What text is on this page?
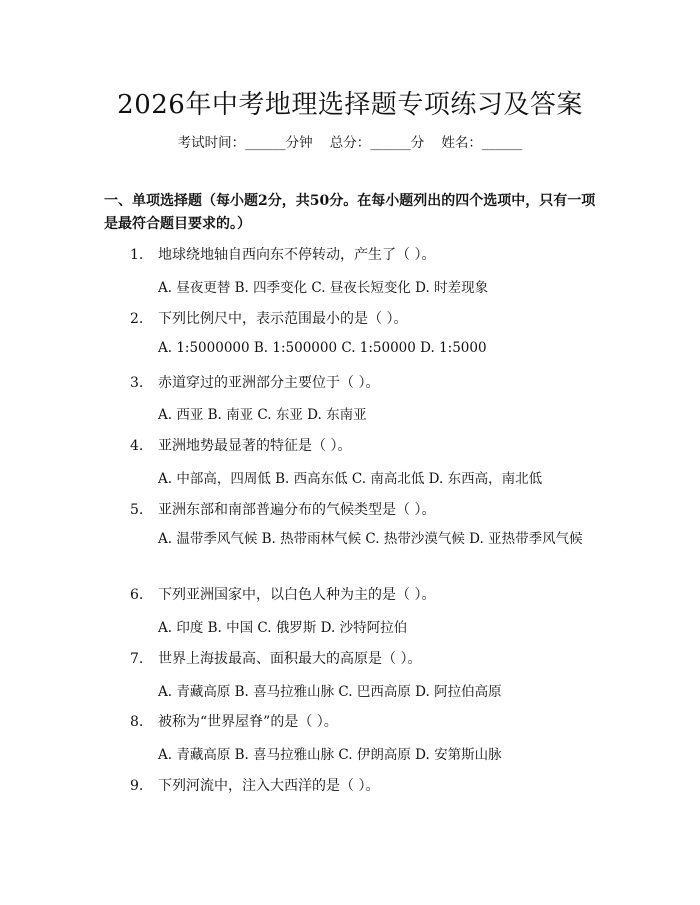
2026年中考地理选择题专项练习及答案
考试时间：______分钟    总分：______分    姓名：______
一、单项选择题（每小题2分，共50分。在每小题列出的四个选项中，只有一项是最符合题目要求的。）
1. 地球绕地轴自西向东不停转动，产生了（ ）。
A. 昼夜更替 B. 四季变化 C. 昼夜长短变化 D. 时差现象
2. 下列比例尺中，表示范围最小的是（ ）。
A. 1:5000000 B. 1:500000 C. 1:50000 D. 1:5000
3. 赤道穿过的亚洲部分主要位于（ ）。
A. 西亚 B. 南亚 C. 东亚 D. 东南亚
4. 亚洲地势最显著的特征是（ ）。
A. 中部高，四周低 B. 西高东低 C. 南高北低 D. 东西高，南北低
5. 亚洲东部和南部普遍分布的气候类型是（ ）。
A. 温带季风气候 B. 热带雨林气候 C. 热带沙漠气候 D. 亚热带季风气候
6. 下列亚洲国家中，以白色人种为主的是（ ）。
A. 印度 B. 中国 C. 俄罗斯 D. 沙特阿拉伯
7. 世界上海拔最高、面积最大的高原是（ ）。
A. 青藏高原 B. 喜马拉雅山脉 C. 巴西高原 D. 阿拉伯高原
8. 被称为“世界屋脊”的是（ ）。
A. 青藏高原 B. 喜马拉雅山脉 C. 伊朗高原 D. 安第斯山脉
9. 下列河流中，注入大西洋的是（ ）。
